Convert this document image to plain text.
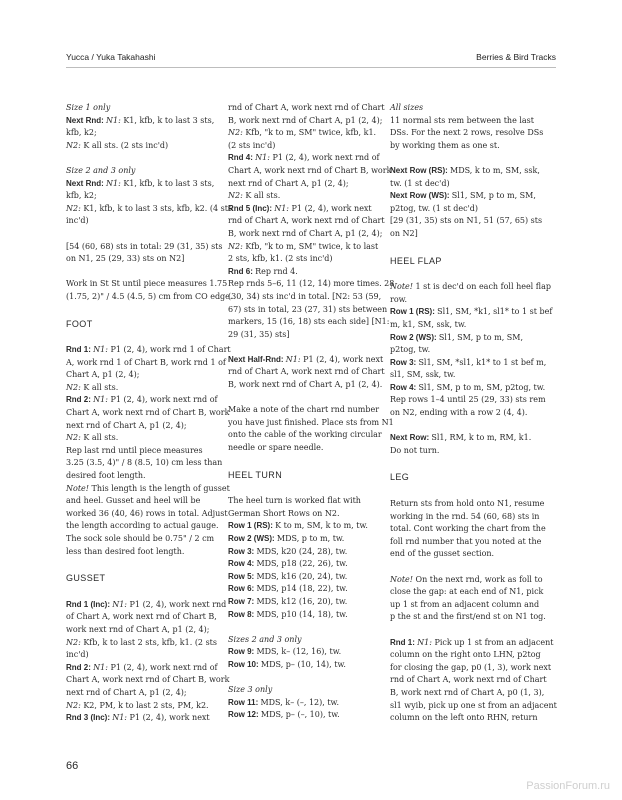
Yucca / Yuka Takahashi	Berries & Bird Tracks
Size 1 only
Next Rnd: N1: K1, kfb, k to last 3 sts,
kfb, k2;
N2: K all sts. (2 sts inc'd)
Size 2 and 3 only
Next Rnd: N1: K1, kfb, k to last 3 sts,
kfb, k2;
N2: K1, kfb, k to last 3 sts, kfb, k2. (4 sts
inc'd)
[54 (60, 68) sts in total: 29 (31, 35) sts
on N1, 25 (29, 33) sts on N2]
Work in St St until piece measures 1.75
(1.75, 2)" / 4.5 (4.5, 5) cm from CO edge.
FOOT
Rnd 1: N1: P1 (2, 4), work rnd 1 of Chart
A, work rnd 1 of Chart B, work rnd 1 of
Chart A, p1 (2, 4);
N2: K all sts.
Rnd 2: N1: P1 (2, 4), work next rnd of
Chart A, work next rnd of Chart B, work
next rnd of Chart A, p1 (2, 4);
N2: K all sts.
Rep last rnd until piece measures
3.25 (3.5, 4)" / 8 (8.5, 10) cm less than
desired foot length.
Note! This length is the length of gusset
and heel. Gusset and heel will be
worked 36 (40, 46) rows in total. Adjust
the length according to actual gauge.
The sock sole should be 0.75" / 2 cm
less than desired foot length.
GUSSET
Rnd 1 (Inc): N1: P1 (2, 4), work next rnd
of Chart A, work next rnd of Chart B,
work next rnd of Chart A, p1 (2, 4);
N2: Kfb, k to last 2 sts, kfb, k1. (2 sts
inc'd)
Rnd 2: N1: P1 (2, 4), work next rnd of
Chart A, work next rnd of Chart B, work
next rnd of Chart A, p1 (2, 4);
N2: K2, PM, k to last 2 sts, PM, k2.
Rnd 3 (Inc): N1: P1 (2, 4), work next
rnd of Chart A, work next rnd of Chart
B, work next rnd of Chart A, p1 (2, 4);
N2: Kfb, "k to m, SM" twice, kfb, k1.
(2 sts inc'd)
Rnd 4: N1: P1 (2, 4), work next rnd of
Chart A, work next rnd of Chart B, work
next rnd of Chart A, p1 (2, 4);
N2: K all sts.
Rnd 5 (Inc): N1: P1 (2, 4), work next
rnd of Chart A, work next rnd of Chart
B, work next rnd of Chart A, p1 (2, 4);
N2: Kfb, "k to m, SM" twice, k to last
2 sts, kfb, k1. (2 sts inc'd)
Rnd 6: Rep rnd 4.
Rep rnds 5–6, 11 (12, 14) more times. 28
(30, 34) sts inc'd in total. [N2: 53 (59,
67) sts in total, 23 (27, 31) sts between
markers, 15 (16, 18) sts each side] [N1:
29 (31, 35) sts]
Next Half-Rnd: N1: P1 (2, 4), work next
rnd of Chart A, work next rnd of Chart
B, work next rnd of Chart A, p1 (2, 4).
Make a note of the chart rnd number
you have just finished. Place sts from N1
onto the cable of the working circular
needle or spare needle.
HEEL TURN
The heel turn is worked flat with
German Short Rows on N2.
Row 1 (RS): K to m, SM, k to m, tw.
Row 2 (WS): MDS, p to m, tw.
Row 3: MDS, k20 (24, 28), tw.
Row 4: MDS, p18 (22, 26), tw.
Row 5: MDS, k16 (20, 24), tw.
Row 6: MDS, p14 (18, 22), tw.
Row 7: MDS, k12 (16, 20), tw.
Row 8: MDS, p10 (14, 18), tw.
Sizes 2 and 3 only
Row 9: MDS, k– (12, 16), tw.
Row 10: MDS, p– (10, 14), tw.
Size 3 only
Row 11: MDS, k– (–, 12), tw.
Row 12: MDS, p– (–, 10), tw.
All sizes
11 normal sts rem between the last
DSs. For the next 2 rows, resolve DSs
by working them as one st.
Next Row (RS): MDS, k to m, SM, ssk,
tw. (1 st dec'd)
Next Row (WS): Sl1, SM, p to m, SM,
p2tog, tw. (1 st dec'd)
[29 (31, 35) sts on N1, 51 (57, 65) sts
on N2]
HEEL FLAP
Note! 1 st is dec'd on each foll heel flap
row.
Row 1 (RS): Sl1, SM, *k1, sl1* to 1 st bef
m, k1, SM, ssk, tw.
Row 2 (WS): Sl1, SM, p to m, SM,
p2tog, tw.
Row 3: Sl1, SM, *sl1, k1* to 1 st bef m,
sl1, SM, ssk, tw.
Row 4: Sl1, SM, p to m, SM, p2tog, tw.
Rep rows 1–4 until 25 (29, 33) sts rem
on N2, ending with a row 2 (4, 4).
Next Row: Sl1, RM, k to m, RM, k1.
Do not turn.
LEG
Return sts from hold onto N1, resume
working in the rnd. 54 (60, 68) sts in
total. Cont working the chart from the
foll rnd number that you noted at the
end of the gusset section.
Note! On the next rnd, work as foll to
close the gap: at each end of N1, pick
up 1 st from an adjacent column and
p the st and the first/end st on N1 tog.
Rnd 1: N1: Pick up 1 st from an adjacent
column on the right onto LHN, p2tog
for closing the gap, p0 (1, 3), work next
rnd of Chart A, work next rnd of Chart
B, work next rnd of Chart A, p0 (1, 3),
sl1 wyib, pick up one st from an adjacent
column on the left onto RHN, return
66
PassionForum.ru
